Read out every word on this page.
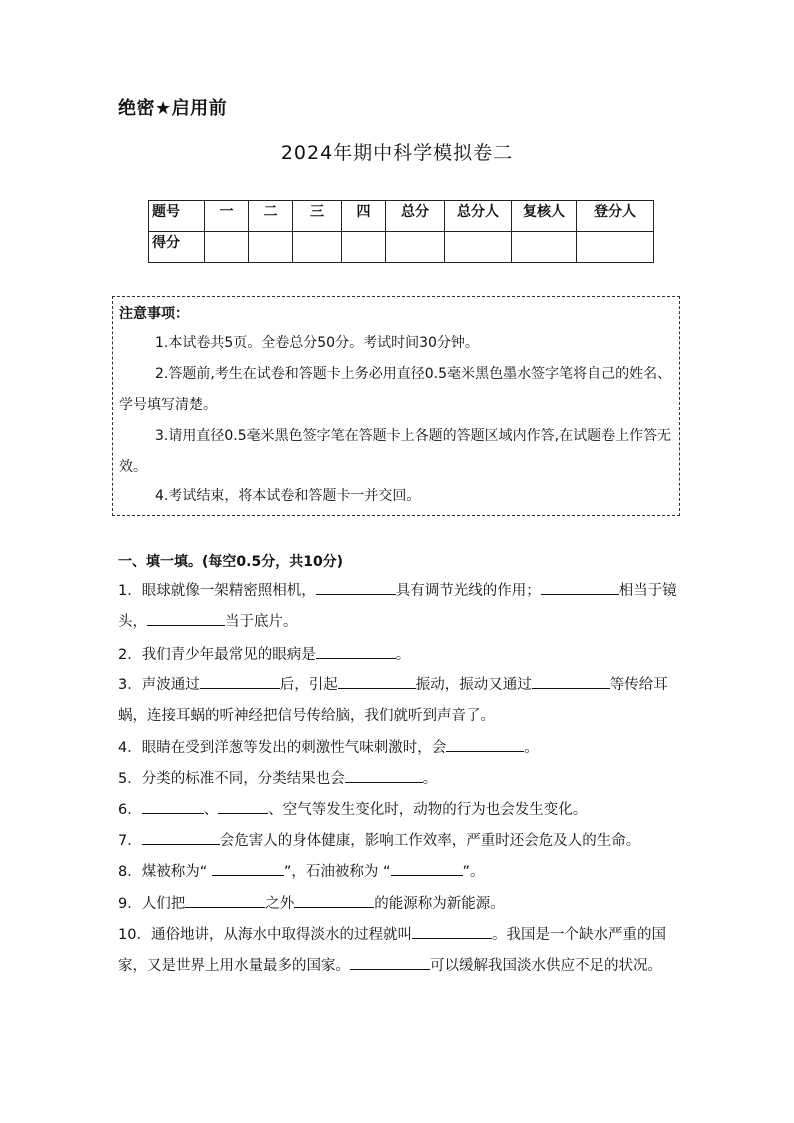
绝密★启用前
2024年期中科学模拟卷二
题号	一	二	三	四	总分	总分人	复核人	登分人
得分								
注意事项：
1.本试卷共5页。全卷总分50分。考试时间30分钟。
2.答题前,考生在试卷和答题卡上务必用直径0.5毫米黑色墨水签字笔将自己的姓名、学号填写清楚。
3.请用直径0.5毫米黑色签字笔在答题卡上各题的答题区域内作答,在试题卷上作答无效。
4.考试结束，将本试卷和答题卡一并交回。
一、填一填。(每空0.5分，共10分)
1．眼球就像一架精密照相机，	具有调节光线的作用；	相当于镜头，	当于底片。
2．我们青少年最常见的眼病是	。
3．声波通过	后，引起	振动，振动又通过	等传给耳蜗，连接耳蜗的听神经把信号传给脑，我们就听到声音了。
4．眼睛在受到洋葱等发出的刺激性气味刺激时，会	。
5．分类的标准不同，分类结果也会	。
6．	、	、空气等发生变化时，动物的行为也会发生变化。
7．	会危害人的身体健康，影响工作效率，严重时还会危及人的生命。
8．煤被称为“	”，石油被称为 “	”。
9．人们把	之外	的能源称为新能源。
10．通俗地讲，从海水中取得淡水的过程就叫	。我国是一个缺水严重的国家，又是世界上用水量最多的国家。	可以缓解我国淡水供应不足的状况。
